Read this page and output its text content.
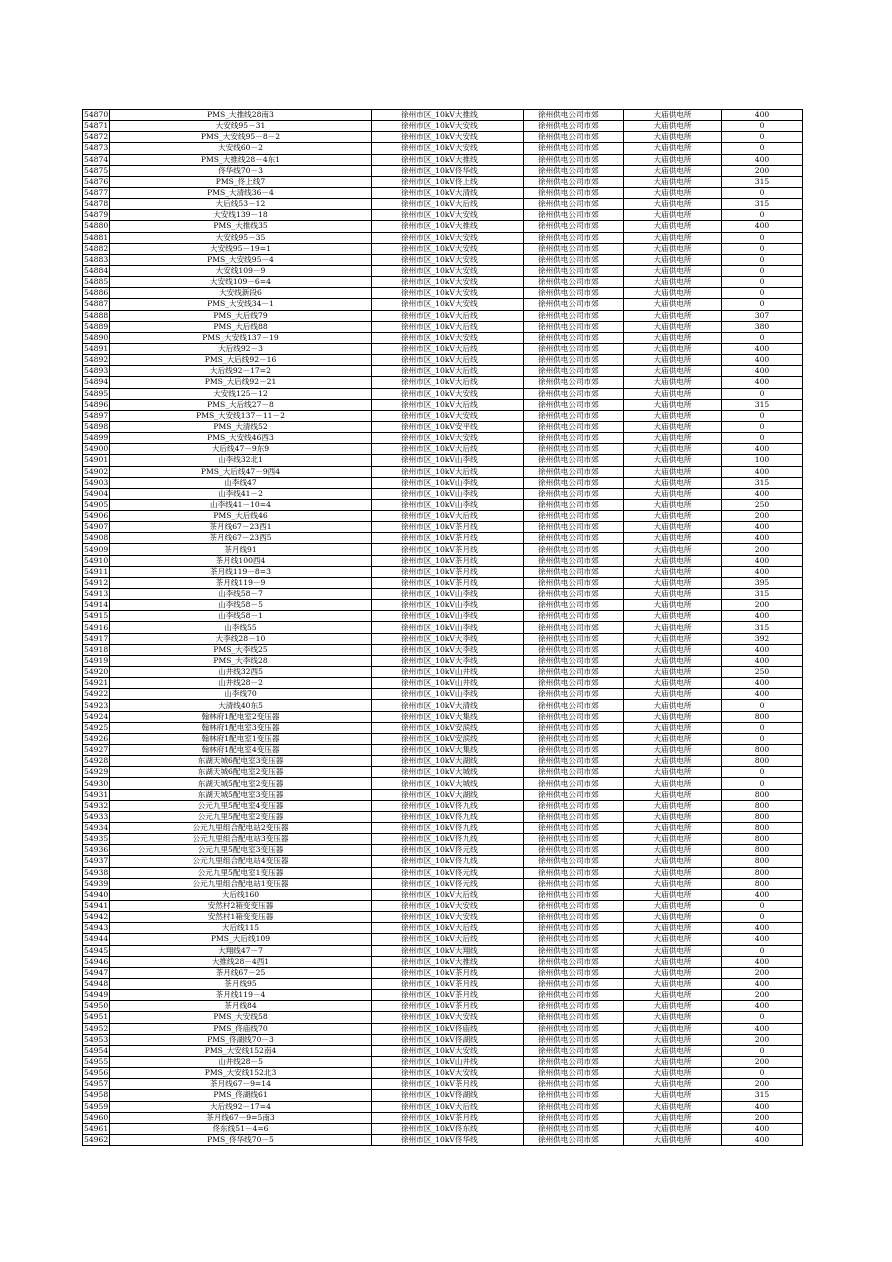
54870	PMS_大推线28南3	徐州市区_10kV大推线	徐州供电公司市郊	大庙供电所	400
54871	大安线95－31	徐州市区_10kV大安线	徐州供电公司市郊	大庙供电所	0
54872	PMS_大安线95－8－2	徐州市区_10kV大安线	徐州供电公司市郊	大庙供电所	0
54873	大安线60－2	徐州市区_10kV大安线	徐州供电公司市郊	大庙供电所	0
54874	PMS_大推线28－4东1	徐州市区_10kV大推线	徐州供电公司市郊	大庙供电所	400
54875	佟华线70－3	徐州市区_10kV佟华线	徐州供电公司市郊	大庙供电所	200
54876	PMS_佟上线7	徐州市区_10kV佟上线	徐州供电公司市郊	大庙供电所	315
54877	PMS_大清线36－4	徐州市区_10kV大清线	徐州供电公司市郊	大庙供电所	0
54878	大后线53－12	徐州市区_10kV大后线	徐州供电公司市郊	大庙供电所	315
54879	大安线139－18	徐州市区_10kV大安线	徐州供电公司市郊	大庙供电所	0
54880	PMS_大推线35	徐州市区_10kV大推线	徐州供电公司市郊	大庙供电所	400
54881	大安线95－35	徐州市区_10kV大安线	徐州供电公司市郊	大庙供电所	0
54882	大安线95－19=1	徐州市区_10kV大安线	徐州供电公司市郊	大庙供电所	0
54883	PMS_大安线95－4	徐州市区_10kV大安线	徐州供电公司市郊	大庙供电所	0
54884	大安线109－9	徐州市区_10kV大安线	徐州供电公司市郊	大庙供电所	0
54885	大安线109－6=4	徐州市区_10kV大安线	徐州供电公司市郊	大庙供电所	0
54886	大安线新段6	徐州市区_10kV大安线	徐州供电公司市郊	大庙供电所	0
54887	PMS_大安线34－1	徐州市区_10kV大安线	徐州供电公司市郊	大庙供电所	0
54888	PMS_大后线79	徐州市区_10kV大后线	徐州供电公司市郊	大庙供电所	307
54889	PMS_大后线88	徐州市区_10kV大后线	徐州供电公司市郊	大庙供电所	380
54890	PMS_大安线137－19	徐州市区_10kV大安线	徐州供电公司市郊	大庙供电所	0
54891	大后线92－3	徐州市区_10kV大后线	徐州供电公司市郊	大庙供电所	400
54892	PMS_大后线92－16	徐州市区_10kV大后线	徐州供电公司市郊	大庙供电所	400
54893	大后线92－17=2	徐州市区_10kV大后线	徐州供电公司市郊	大庙供电所	400
54894	PMS_大后线92－21	徐州市区_10kV大后线	徐州供电公司市郊	大庙供电所	400
54895	大安线125－12	徐州市区_10kV大安线	徐州供电公司市郊	大庙供电所	0
54896	PMS_大后线27－8	徐州市区_10kV大后线	徐州供电公司市郊	大庙供电所	315
54897	PMS_大安线137－11－2	徐州市区_10kV大安线	徐州供电公司市郊	大庙供电所	0
54898	PMS_大清线52	徐州市区_10kV安平线	徐州供电公司市郊	大庙供电所	0
54899	PMS_大安线46西3	徐州市区_10kV大安线	徐州供电公司市郊	大庙供电所	0
54900	大后线47－9东9	徐州市区_10kV大后线	徐州供电公司市郊	大庙供电所	400
54901	山李线32北1	徐州市区_10kV山李线	徐州供电公司市郊	大庙供电所	100
54902	PMS_大后线47－9西4	徐州市区_10kV大后线	徐州供电公司市郊	大庙供电所	400
54903	山李线47	徐州市区_10kV山李线	徐州供电公司市郊	大庙供电所	315
54904	山李线41－2	徐州市区_10kV山李线	徐州供电公司市郊	大庙供电所	400
54905	山李线41－10=4	徐州市区_10kV山李线	徐州供电公司市郊	大庙供电所	250
54906	PMS_大后线46	徐州市区_10kV大后线	徐州供电公司市郊	大庙供电所	200
54907	茶月线67－23西1	徐州市区_10kV茶月线	徐州供电公司市郊	大庙供电所	400
54908	茶月线67－23西5	徐州市区_10kV茶月线	徐州供电公司市郊	大庙供电所	400
54909	茶月线91	徐州市区_10kV茶月线	徐州供电公司市郊	大庙供电所	200
54910	茶月线100西4	徐州市区_10kV茶月线	徐州供电公司市郊	大庙供电所	400
54911	茶月线119－8=3	徐州市区_10kV茶月线	徐州供电公司市郊	大庙供电所	400
54912	茶月线119－9	徐州市区_10kV茶月线	徐州供电公司市郊	大庙供电所	395
54913	山李线58－7	徐州市区_10kV山李线	徐州供电公司市郊	大庙供电所	315
54914	山李线58－5	徐州市区_10kV山李线	徐州供电公司市郊	大庙供电所	200
54915	山李线58－1	徐州市区_10kV山李线	徐州供电公司市郊	大庙供电所	400
54916	山李线55	徐州市区_10kV山李线	徐州供电公司市郊	大庙供电所	315
54917	大李线28－10	徐州市区_10kV大李线	徐州供电公司市郊	大庙供电所	392
54918	PMS_大李线25	徐州市区_10kV大李线	徐州供电公司市郊	大庙供电所	400
54919	PMS_大李线28	徐州市区_10kV大李线	徐州供电公司市郊	大庙供电所	400
54920	山井线32西5	徐州市区_10kV山井线	徐州供电公司市郊	大庙供电所	250
54921	山井线28－2	徐州市区_10kV山井线	徐州供电公司市郊	大庙供电所	400
54922	山李线70	徐州市区_10kV山李线	徐州供电公司市郊	大庙供电所	400
54923	大清线40东5	徐州市区_10kV大清线	徐州供电公司市郊	大庙供电所	0
54924	翰林府1配电室2变压器	徐州市区_10kV大集线	徐州供电公司市郊	大庙供电所	800
54925	翰林府1配电室3变压器	徐州市区_10kV安滨线	徐州供电公司市郊	大庙供电所	0
54926	翰林府1配电室1变压器	徐州市区_10kV安滨线	徐州供电公司市郊	大庙供电所	0
54927	翰林府1配电室4变压器	徐州市区_10kV大集线	徐州供电公司市郊	大庙供电所	800
54928	东湖天城6配电室3变压器	徐州市区_10kV大湖线	徐州供电公司市郊	大庙供电所	800
54929	东湖天城6配电室2变压器	徐州市区_10kV大城线	徐州供电公司市郊	大庙供电所	0
54930	东湖天城5配电室2变压器	徐州市区_10kV大城线	徐州供电公司市郊	大庙供电所	0
54931	东湖天城5配电室3变压器	徐州市区_10kV大湖线	徐州供电公司市郊	大庙供电所	800
54932	公元九里5配电室4变压器	徐州市区_10kV佟九线	徐州供电公司市郊	大庙供电所	800
54933	公元九里5配电室2变压器	徐州市区_10kV佟九线	徐州供电公司市郊	大庙供电所	800
54934	公元九里组合配电站2变压器	徐州市区_10kV佟九线	徐州供电公司市郊	大庙供电所	800
54935	公元九里组合配电站3变压器	徐州市区_10kV佟九线	徐州供电公司市郊	大庙供电所	800
54936	公元九里5配电室3变压器	徐州市区_10kV佟元线	徐州供电公司市郊	大庙供电所	800
54937	公元九里组合配电站4变压器	徐州市区_10kV佟九线	徐州供电公司市郊	大庙供电所	800
54938	公元九里5配电室1变压器	徐州市区_10kV佟元线	徐州供电公司市郊	大庙供电所	800
54939	公元九里组合配电站1变压器	徐州市区_10kV佟元线	徐州供电公司市郊	大庙供电所	800
54940	大后线160	徐州市区_10kV大后线	徐州供电公司市郊	大庙供电所	400
54941	安然村2箱变变压器	徐州市区_10kV大安线	徐州供电公司市郊	大庙供电所	0
54942	安然村1箱变变压器	徐州市区_10kV大安线	徐州供电公司市郊	大庙供电所	0
54943	大后线115	徐州市区_10kV大后线	徐州供电公司市郊	大庙供电所	400
54944	PMS_大后线109	徐州市区_10kV大后线	徐州供电公司市郊	大庙供电所	400
54945	大翔线47－7	徐州市区_10kV大翔线	徐州供电公司市郊	大庙供电所	0
54946	大推线28－4西1	徐州市区_10kV大推线	徐州供电公司市郊	大庙供电所	400
54947	茶月线67－25	徐州市区_10kV茶月线	徐州供电公司市郊	大庙供电所	200
54948	茶月线95	徐州市区_10kV茶月线	徐州供电公司市郊	大庙供电所	400
54949	茶月线119－4	徐州市区_10kV茶月线	徐州供电公司市郊	大庙供电所	200
54950	茶月线84	徐州市区_10kV茶月线	徐州供电公司市郊	大庙供电所	400
54951	PMS_大安线58	徐州市区_10kV大安线	徐州供电公司市郊	大庙供电所	0
54952	PMS_佟庙线70	徐州市区_10kV佟庙线	徐州供电公司市郊	大庙供电所	400
54953	PMS_佟湖线70－3	徐州市区_10kV佟湖线	徐州供电公司市郊	大庙供电所	200
54954	PMS_大安线152南4	徐州市区_10kV大安线	徐州供电公司市郊	大庙供电所	0
54955	山井线28－5	徐州市区_10kV山井线	徐州供电公司市郊	大庙供电所	200
54956	PMS_大安线152北3	徐州市区_10kV大安线	徐州供电公司市郊	大庙供电所	0
54957	茶月线67－9=14	徐州市区_10kV茶月线	徐州供电公司市郊	大庙供电所	200
54958	PMS_佟湖线61	徐州市区_10kV佟湖线	徐州供电公司市郊	大庙供电所	315
54959	大后线92－17=4	徐州市区_10kV大后线	徐州供电公司市郊	大庙供电所	400
54960	茶月线67－9=5南3	徐州市区_10kV茶月线	徐州供电公司市郊	大庙供电所	200
54961	佟东线51－4=6	徐州市区_10kV佟东线	徐州供电公司市郊	大庙供电所	400
54962	PMS_佟华线70－5	徐州市区_10kV佟华线	徐州供电公司市郊	大庙供电所	400
